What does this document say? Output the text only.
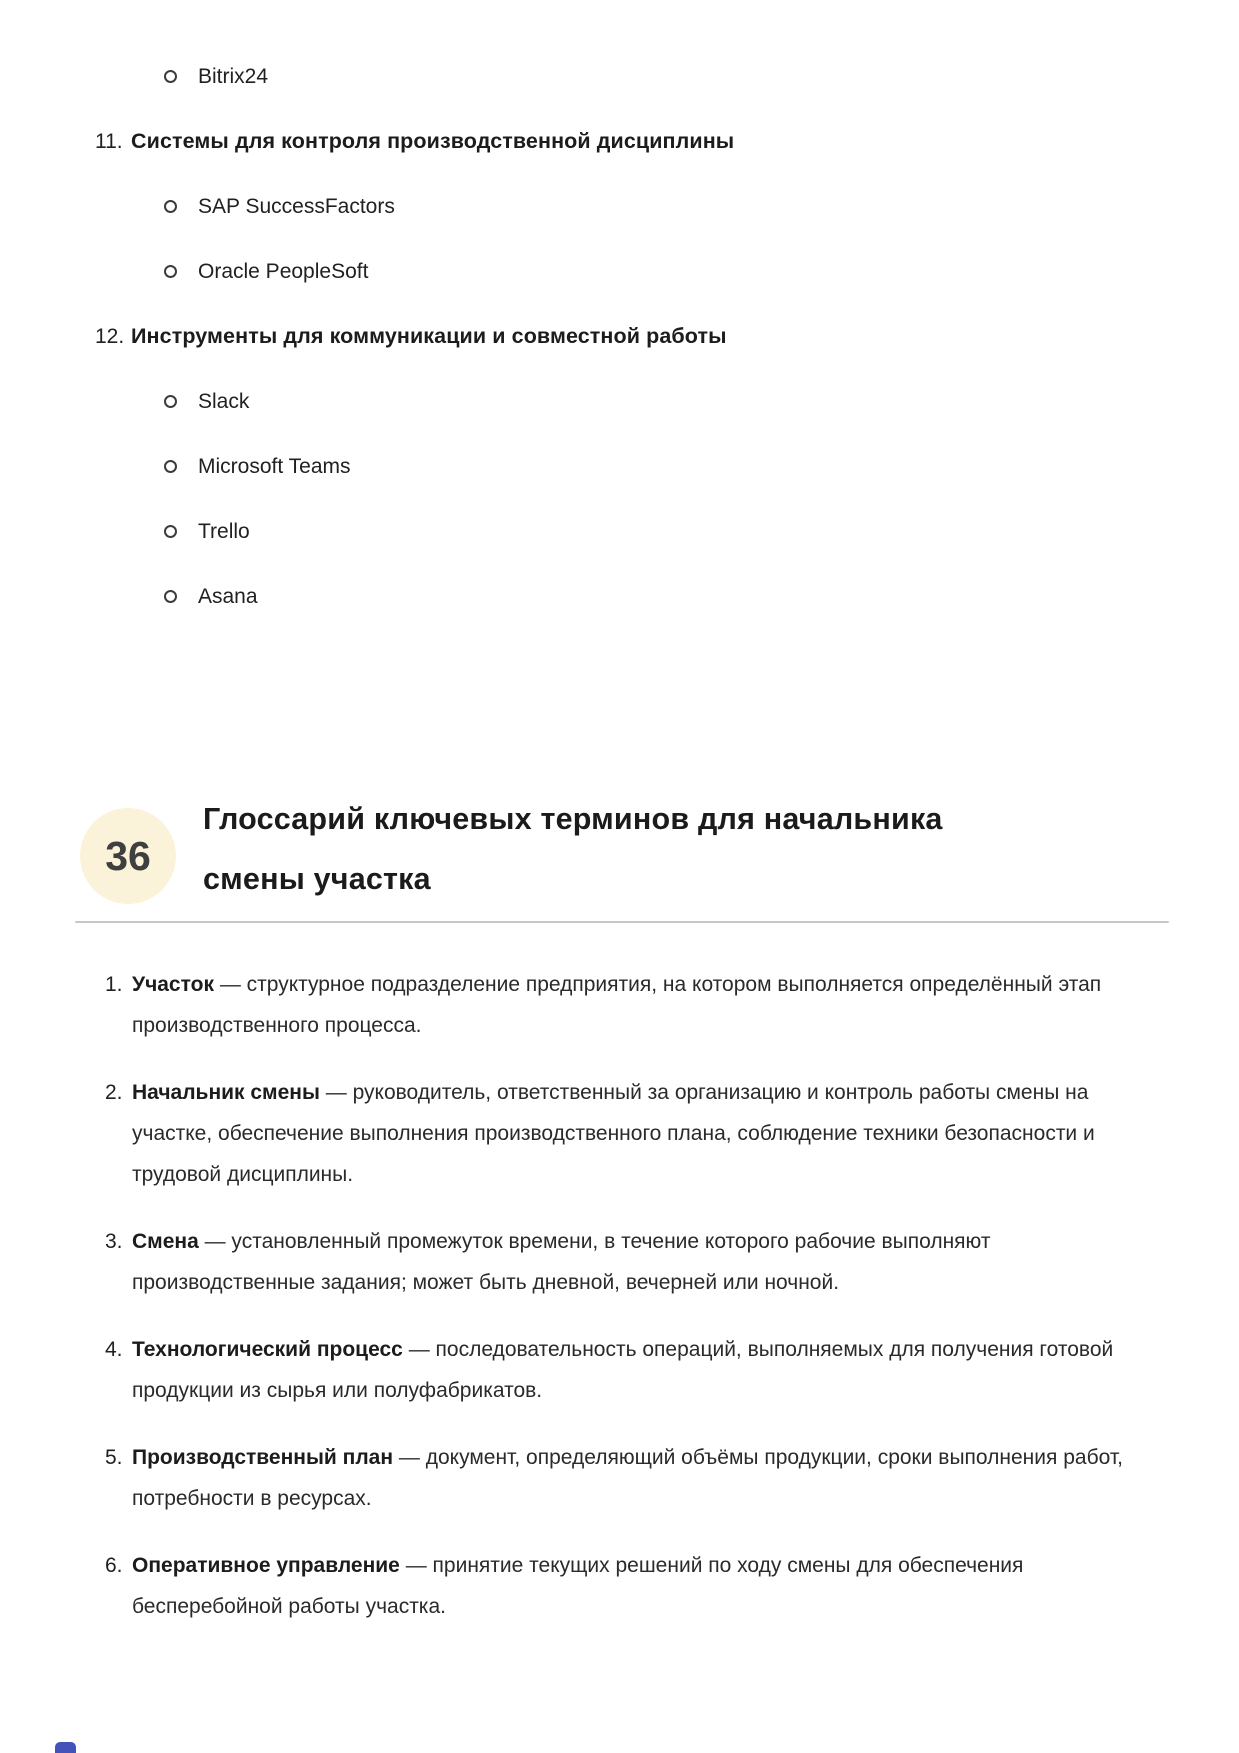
Bitrix24
11. Системы для контроля производственной дисциплины
SAP SuccessFactors
Oracle PeopleSoft
12. Инструменты для коммуникации и совместной работы
Slack
Microsoft Teams
Trello
Asana
36
Глоссарий ключевых терминов для начальника
смены участка
1. Участок — структурное подразделение предприятия, на котором выполняется определённый этап производственного процесса.
2. Начальник смены — руководитель, ответственный за организацию и контроль работы смены на участке, обеспечение выполнения производственного плана, соблюдение техники безопасности и трудовой дисциплины.
3. Смена — установленный промежуток времени, в течение которого рабочие выполняют производственные задания; может быть дневной, вечерней или ночной.
4. Технологический процесс — последовательность операций, выполняемых для получения готовой продукции из сырья или полуфабрикатов.
5. Производственный план — документ, определяющий объёмы продукции, сроки выполнения работ, потребности в ресурсах.
6. Оперативное управление — принятие текущих решений по ходу смены для обеспечения бесперебойной работы участка.
